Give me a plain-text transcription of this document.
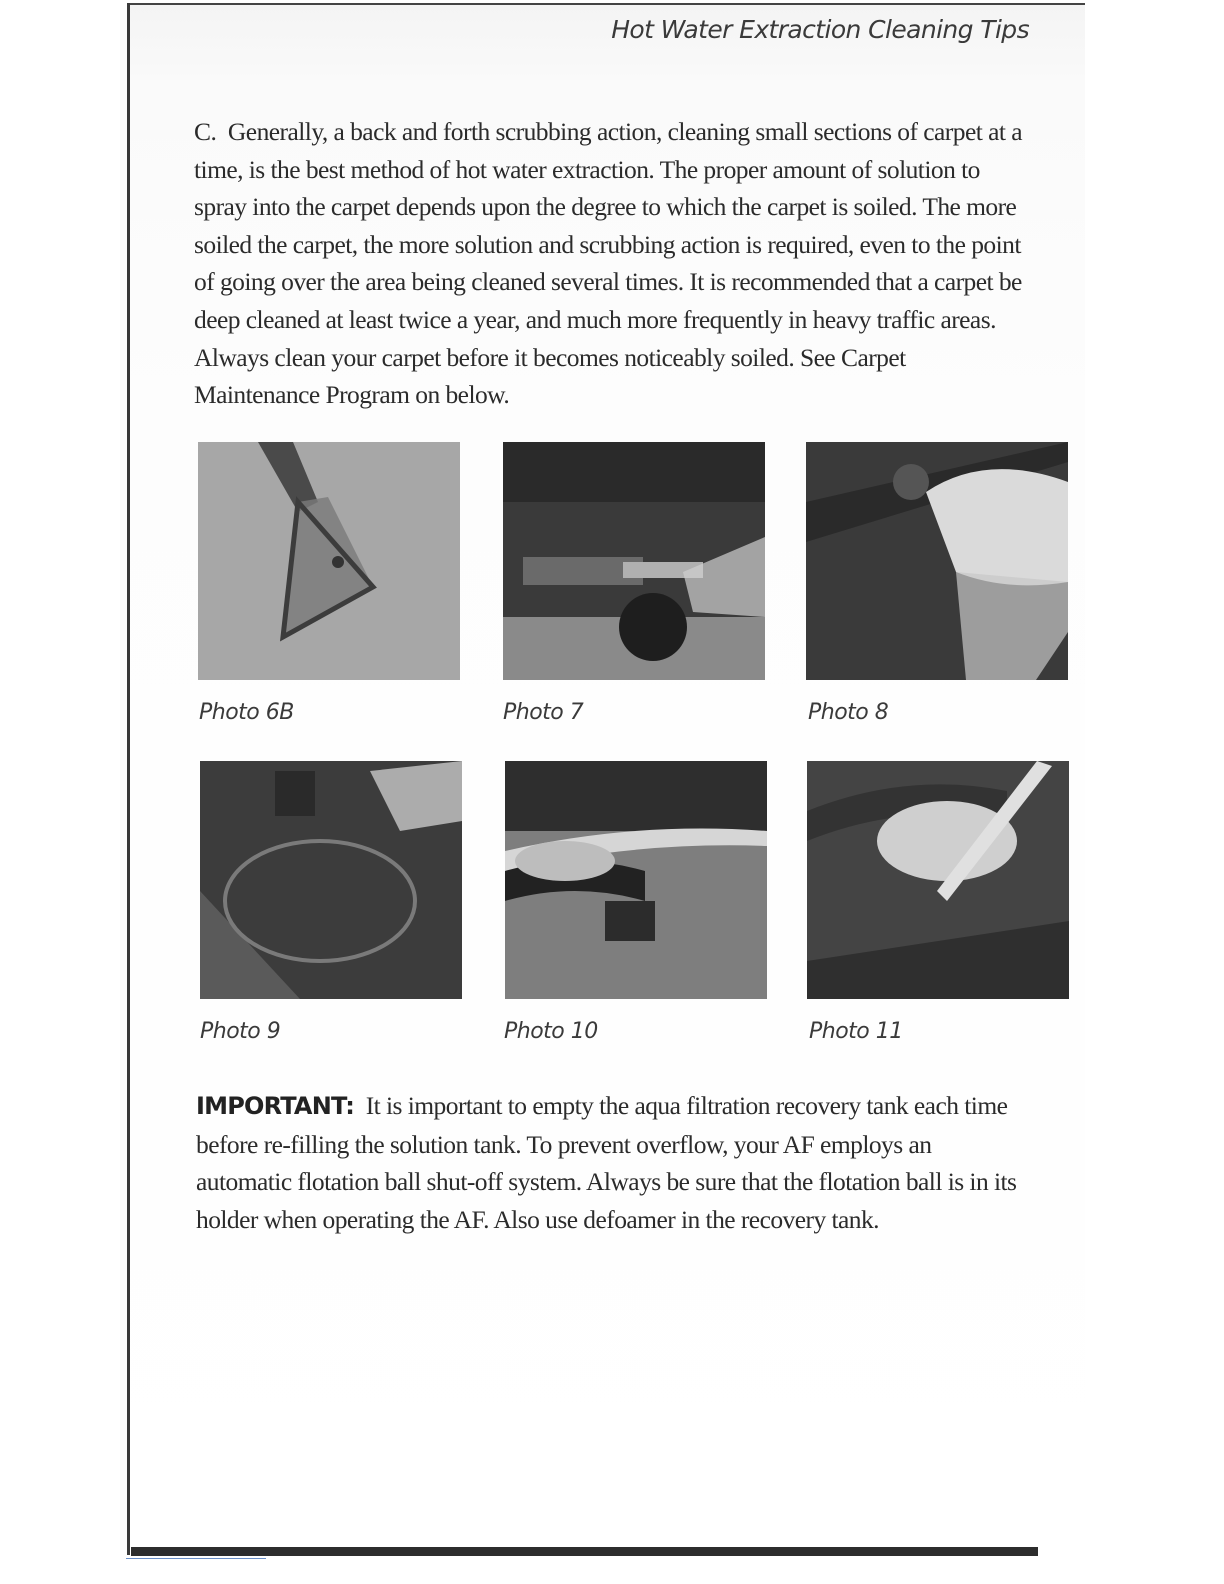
Hot Water Extraction Cleaning Tips

C.  Generally, a back and forth scrubbing action, cleaning small sections of carpet at a time, is the best method of hot water extraction. The proper amount of solution to spray into the carpet depends upon the degree to which the carpet is soiled. The more soiled the carpet, the more solution and scrubbing action is required, even to the point of going over the area being cleaned several times. It is recommended that a carpet be deep cleaned at least twice a year, and much more frequently in heavy traffic areas. Always clean your carpet before it becomes noticeably soiled. See Carpet Maintenance Program on below.

Photo 6B	Photo 7	Photo 8
Photo 9	Photo 10	Photo 11

IMPORTANT: It is important to empty the aqua filtration recovery tank each time before re-filling the solution tank. To prevent overflow, your AF employs an automatic flotation ball shut-off system. Always be sure that the flotation ball is in its holder when operating the AF. Also use defoamer in the recovery tank.
